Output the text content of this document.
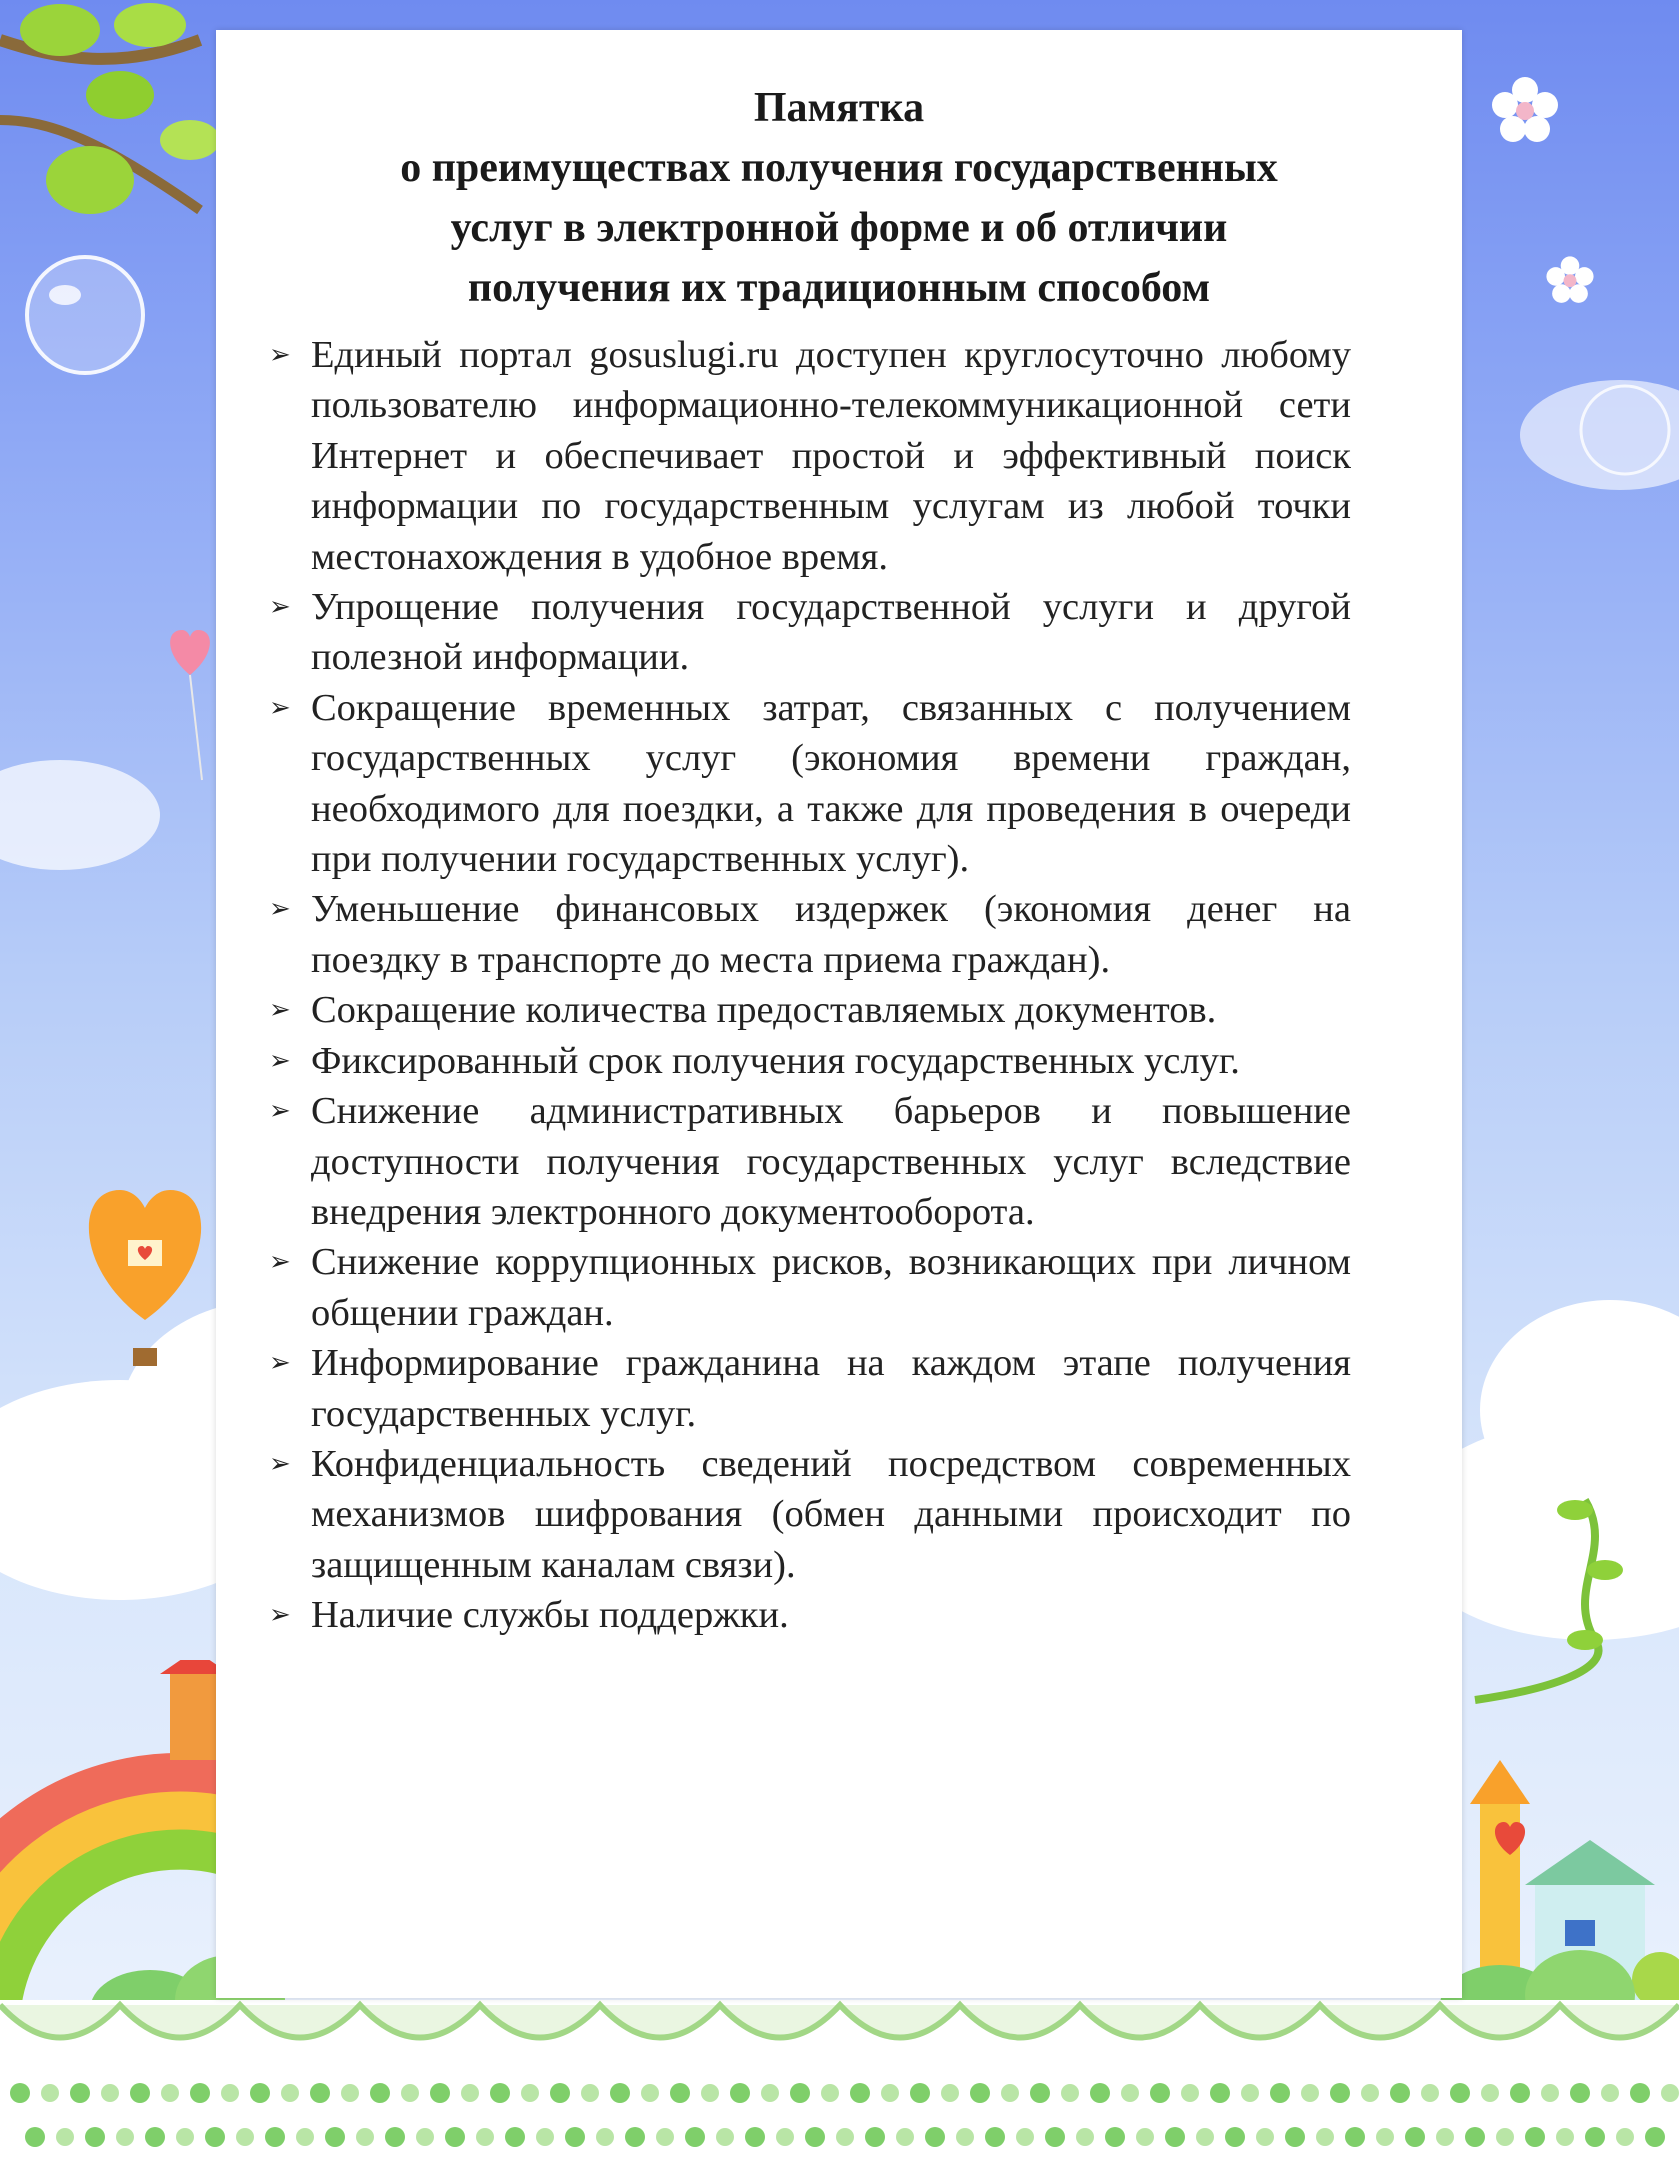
Памятка
о преимуществах получения государственных
услуг в электронной форме и об отличии
получения их традиционным способом
➢ Единый портал gosuslugi.ru доступен круглосуточно любому пользователю информационно-телекоммуникационной сети Интернет и обеспечивает простой и эффективный поиск информации по государственным услугам из любой точки местонахождения в удобное время.
➢ Упрощение получения государственной услуги и другой полезной информации.
➢ Сокращение временных затрат, связанных с получением государственных услуг (экономия времени граждан, необходимого для поездки, а также для проведения в очереди при получении государственных услуг).
➢ Уменьшение финансовых издержек (экономия денег на поездку в транспорте до места приема граждан).
➢ Сокращение количества предоставляемых документов.
➢ Фиксированный срок получения государственных услуг.
➢ Снижение административных барьеров и повышение доступности получения государственных услуг вследствие внедрения электронного документооборота.
➢ Снижение коррупционных рисков, возникающих при личном общении граждан.
➢ Информирование гражданина на каждом этапе получения государственных услуг.
➢ Конфиденциальность сведений посредством современных механизмов шифрования (обмен данными происходит по защищенным каналам связи).
➢ Наличие службы поддержки.
